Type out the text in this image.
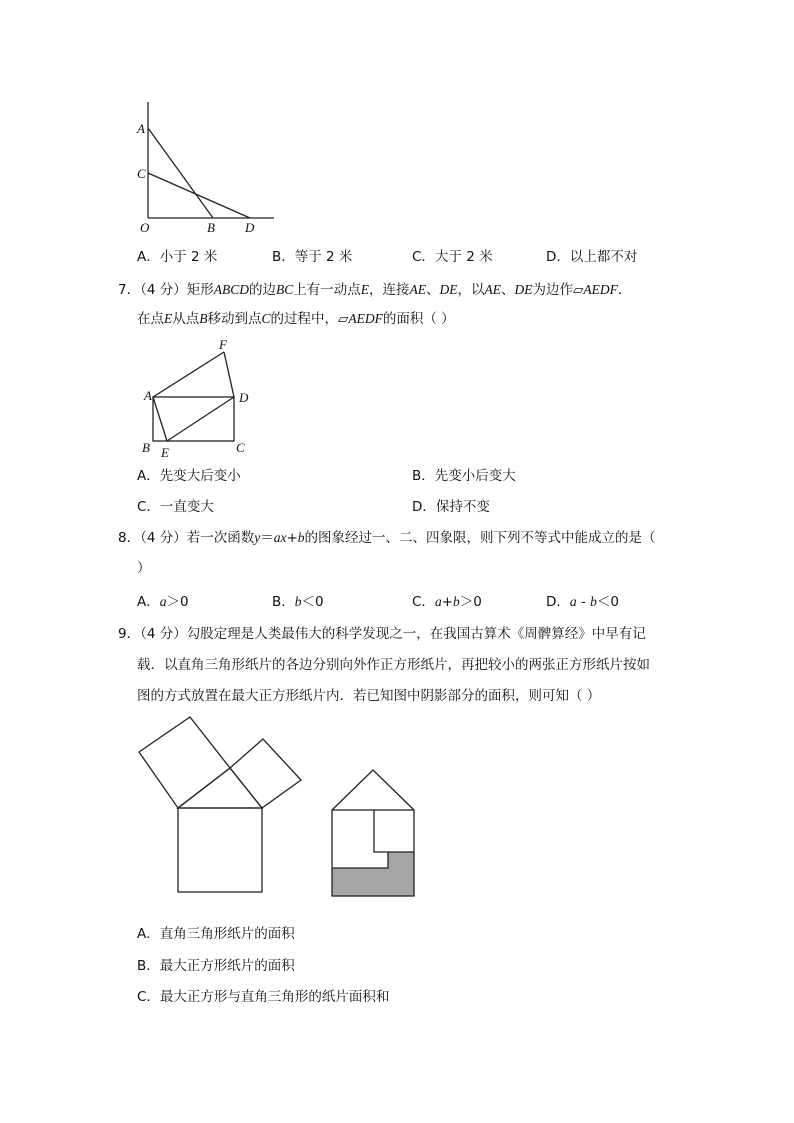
A
C
O	B D
A．小于 2 米	B．等于 2 米	C．大于 2 米	D．以上都不对
7．（4 分）矩形ABCD的边BC上有一动点E，连接AE、DE，以AE、DE为边作▱AEDF．
在点E从点B移动到点C的过程中，▱AEDF的面积（ ）
F
A	D
B E	C
A．先变大后变小	B．先变小后变大
C．一直变大	D．保持不变
8．（4 分）若一次函数y＝ax+b的图象经过一、二、四象限，则下列不等式中能成立的是（
）
A．a＞0	B．b＜0	C．a+b＞0	D．a - b＜0
9．（4 分）勾股定理是人类最伟大的科学发现之一，在我国古算术《周髀算经》中早有记
载．以直角三角形纸片的各边分别向外作正方形纸片，再把较小的两张正方形纸片按如
图的方式放置在最大正方形纸片内．若已知图中阴影部分的面积，则可知（ ）
A．直角三角形纸片的面积
B．最大正方形纸片的面积
C．最大正方形与直角三角形的纸片面积和
